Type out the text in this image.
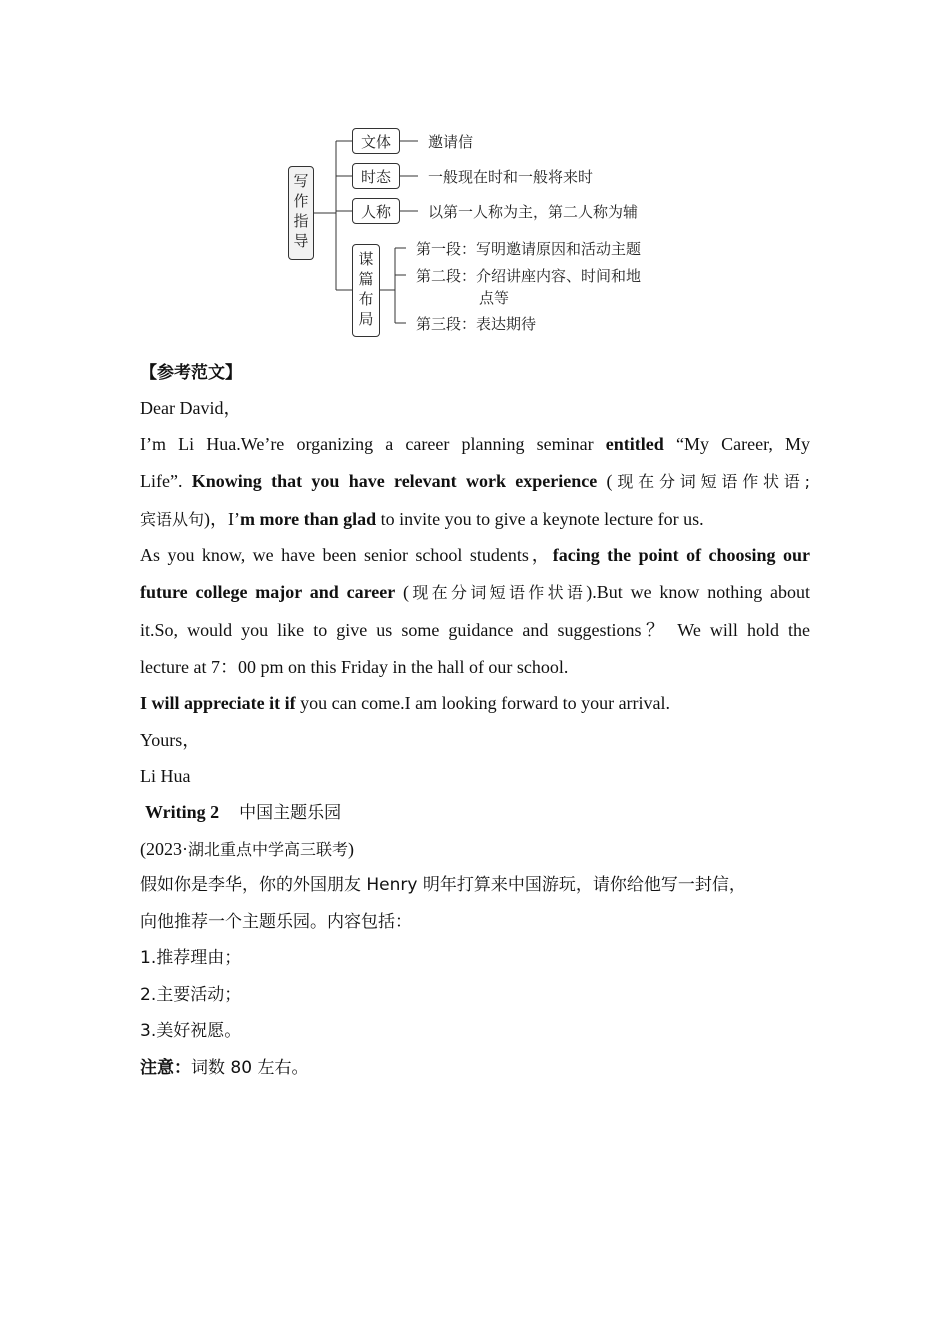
写作指导
文体
时态
人称
谋篇布局
邀请信
一般现在时和一般将来时
以第一人称为主，第二人称为辅
第一段：写明邀请原因和活动主题
第二段：介绍讲座内容、时间和地
点等
第三段：表达期待
【参考范文】
Dear David，
I’m Li Hua.We’re organizing a career planning seminar entitled “My Career, My
Life”. Knowing that you have relevant work experience (现在分词短语作状语;
宾语从句)，I’m more than glad to invite you to give a keynote lecture for us.
As you know, we have been senior school students，facing the point of choosing our
future college major and career (现在分词短语作状语).But we know nothing about
it.So, would you like to give us some guidance and suggestions？ We will hold the
lecture at 7：00 pm on this Friday in the hall of our school.
I will appreciate it if you can come.I am looking forward to your arrival.
Yours，
Li Hua
Writing 2 中国主题乐园
(2023·湖北重点中学高三联考)
假如你是李华，你的外国朋友 Henry 明年打算来中国游玩，请你给他写一封信，
向他推荐一个主题乐园。内容包括：
1.推荐理由；
2.主要活动；
3.美好祝愿。
注意：词数 80 左右。
